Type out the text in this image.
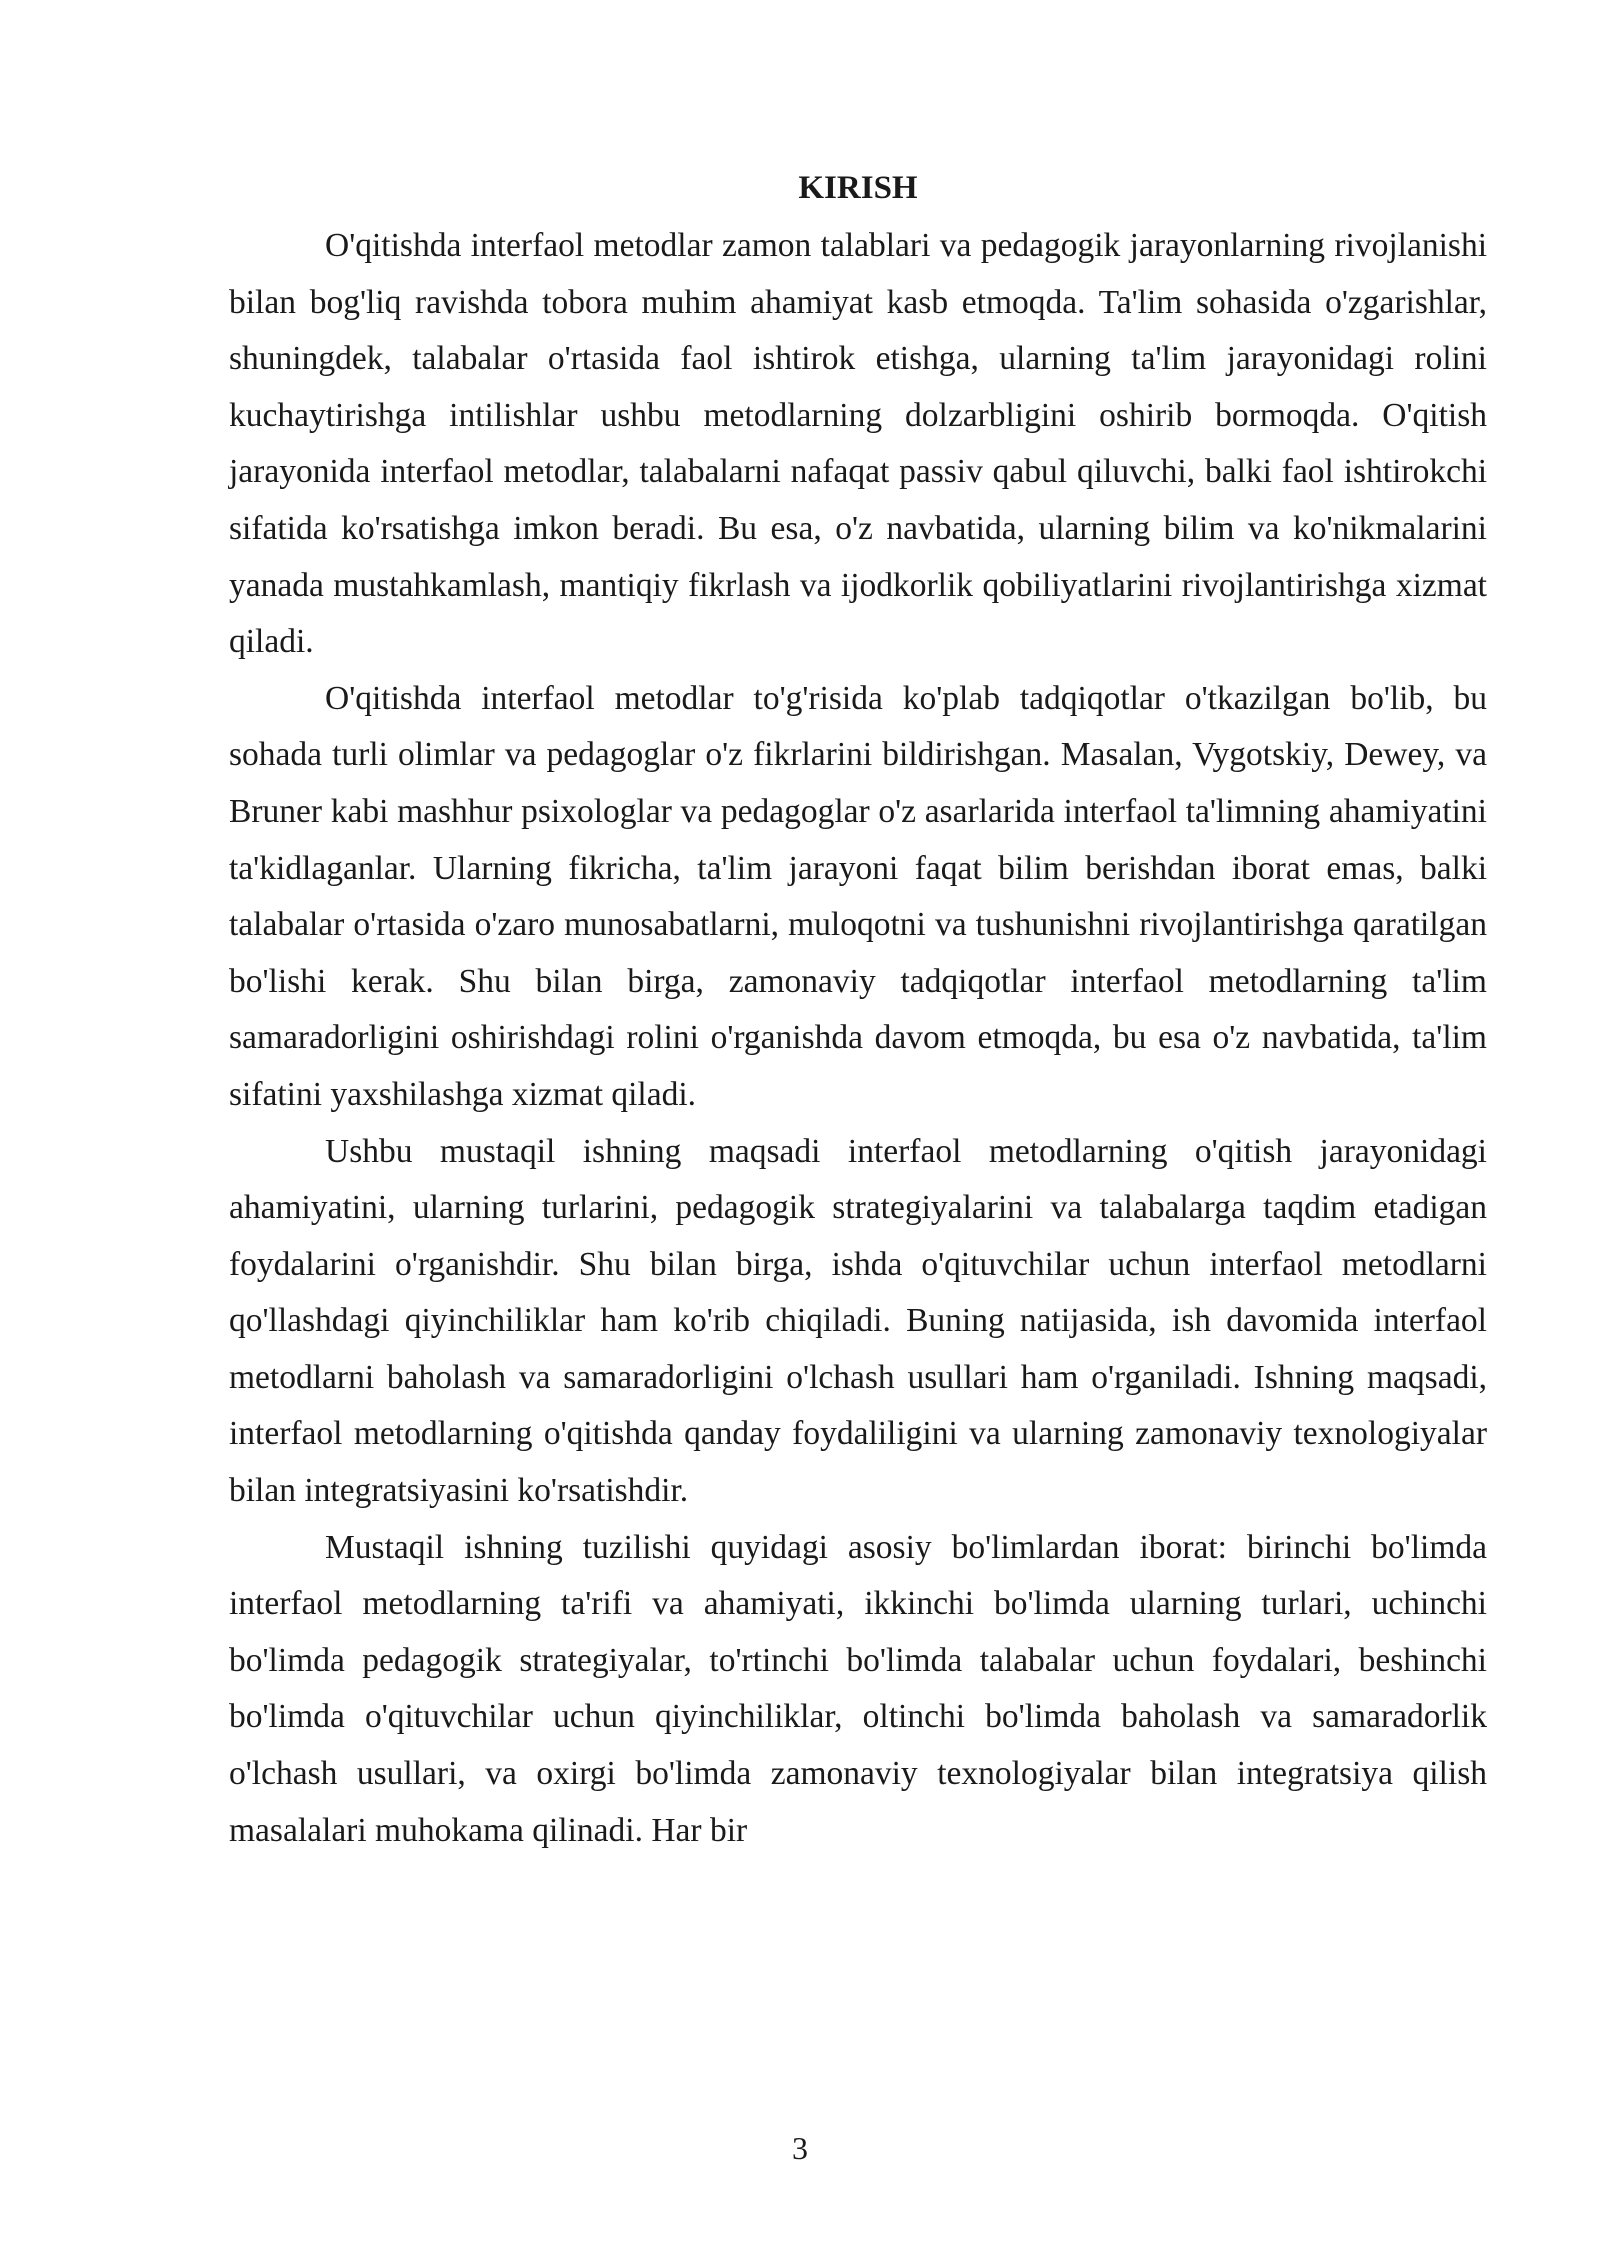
KIRISH

O'qitishda interfaol metodlar zamon talablari va pedagogik jarayonlarning rivojlanishi bilan bog'liq ravishda tobora muhim ahamiyat kasb etmoqda. Ta'lim sohasida o'zgarishlar, shuningdek, talabalar o'rtasida faol ishtirok etishga, ularning ta'lim jarayonidagi rolini kuchaytirishga intilishlar ushbu metodlarning dolzarbligini oshirib bormoqda. O'qitish jarayonida interfaol metodlar, talabalarni nafaqat passiv qabul qiluvchi, balki faol ishtirokchi sifatida ko'rsatishga imkon beradi. Bu esa, o'z navbatida, ularning bilim va ko'nikmalarini yanada mustahkamlash, mantiqiy fikrlash va ijodkorlik qobiliyatlarini rivojlantirishga xizmat qiladi.

O'qitishda interfaol metodlar to'g'risida ko'plab tadqiqotlar o'tkazilgan bo'lib, bu sohada turli olimlar va pedagoglar o'z fikrlarini bildirishgan. Masalan, Vygotskiy, Dewey, va Bruner kabi mashhur psixologlar va pedagoglar o'z asarlarida interfaol ta'limning ahamiyatini ta'kidlaganlar. Ularning fikricha, ta'lim jarayoni faqat bilim berishdan iborat emas, balki talabalar o'rtasida o'zaro munosabatlarni, muloqotni va tushunishni rivojlantirishga qaratilgan bo'lishi kerak. Shu bilan birga, zamonaviy tadqiqotlar interfaol metodlarning ta'lim samaradorligini oshirishdagi rolini o'rganishda davom etmoqda, bu esa o'z navbatida, ta'lim sifatini yaxshilashga xizmat qiladi.

Ushbu mustaqil ishning maqsadi interfaol metodlarning o'qitish jarayonidagi ahamiyatini, ularning turlarini, pedagogik strategiyalarini va talabalarga taqdim etadigan foydalarini o'rganishdir. Shu bilan birga, ishda o'qituvchilar uchun interfaol metodlarni qo'llashdagi qiyinchiliklar ham ko'rib chiqiladi. Buning natijasida, ish davomida interfaol metodlarni baholash va samaradorligini o'lchash usullari ham o'rganiladi. Ishning maqsadi, interfaol metodlarning o'qitishda qanday foydaliligini va ularning zamonaviy texnologiyalar bilan integratsiyasini ko'rsatishdir.

Mustaqil ishning tuzilishi quyidagi asosiy bo'limlardan iborat: birinchi bo'limda interfaol metodlarning ta'rifi va ahamiyati, ikkinchi bo'limda ularning turlari, uchinchi bo'limda pedagogik strategiyalar, to'rtinchi bo'limda talabalar uchun foydalari, beshinchi bo'limda o'qituvchilar uchun qiyinchiliklar, oltinchi bo'limda baholash va samaradorlik o'lchash usullari, va oxirgi bo'limda zamonaviy texnologiyalar bilan integratsiya qilish masalalari muhokama qilinadi. Har bir

3
